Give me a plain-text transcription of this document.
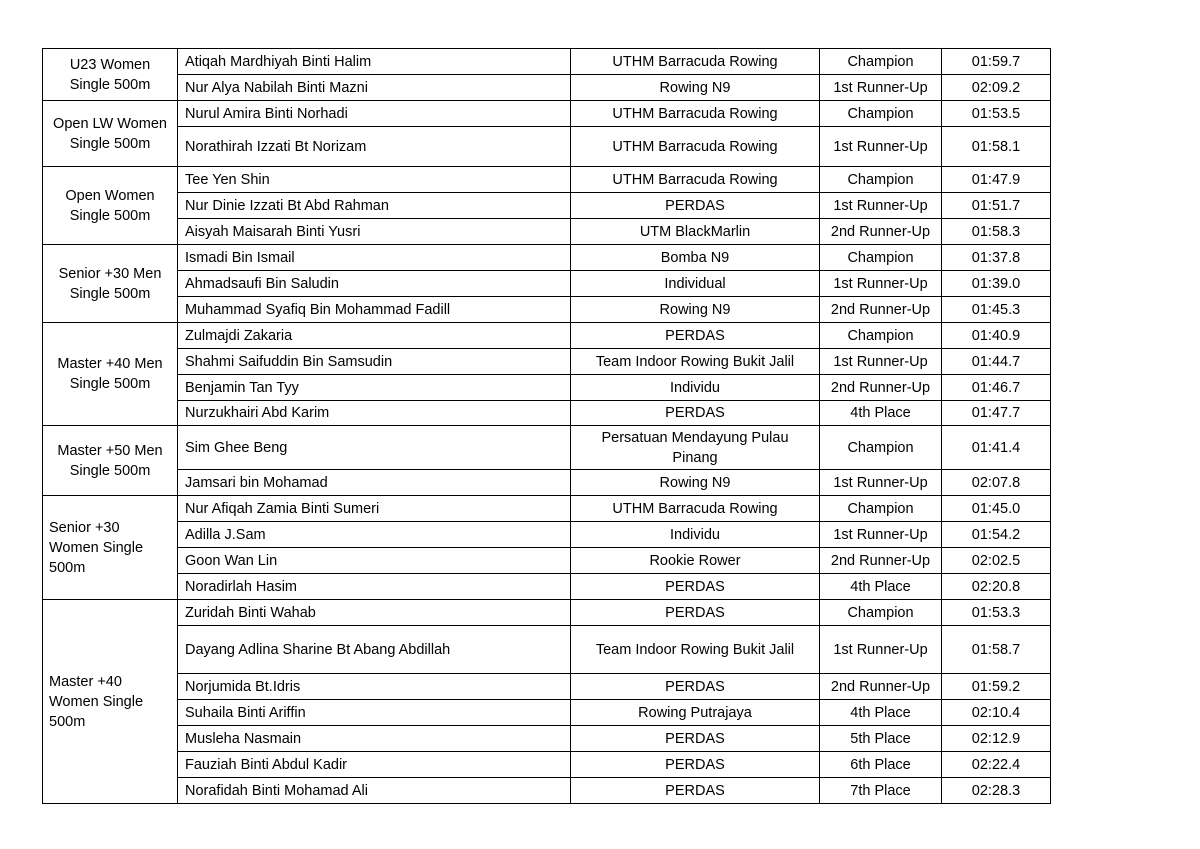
U23 Women Single 500m	Atiqah Mardhiyah Binti Halim	UTHM Barracuda Rowing	Champion	01:59.7
	Nur Alya Nabilah Binti Mazni	Rowing N9	1st Runner-Up	02:09.2
Open LW Women Single 500m	Nurul Amira Binti Norhadi	UTHM Barracuda Rowing	Champion	01:53.5
	Norathirah Izzati Bt Norizam	UTHM Barracuda Rowing	1st Runner-Up	01:58.1
Open Women Single 500m	Tee Yen Shin	UTHM Barracuda Rowing	Champion	01:47.9
	Nur Dinie Izzati Bt Abd Rahman	PERDAS	1st Runner-Up	01:51.7
	Aisyah Maisarah Binti Yusri	UTM BlackMarlin	2nd Runner-Up	01:58.3
Senior +30 Men Single 500m	Ismadi Bin Ismail	Bomba N9	Champion	01:37.8
	Ahmadsaufi Bin Saludin	Individual	1st Runner-Up	01:39.0
	Muhammad Syafiq Bin Mohammad Fadill	Rowing N9	2nd Runner-Up	01:45.3
Master +40 Men Single 500m	Zulmajdi Zakaria	PERDAS	Champion	01:40.9
	Shahmi Saifuddin Bin Samsudin	Team Indoor Rowing Bukit Jalil	1st Runner-Up	01:44.7
	Benjamin Tan Tyy	Individu	2nd Runner-Up	01:46.7
	Nurzukhairi Abd Karim	PERDAS	4th Place	01:47.7
Master +50 Men Single 500m	Sim Ghee Beng	Persatuan Mendayung Pulau Pinang	Champion	01:41.4
	Jamsari bin Mohamad	Rowing N9	1st Runner-Up	02:07.8
Senior +30 Women Single 500m	Nur Afiqah Zamia Binti Sumeri	UTHM Barracuda Rowing	Champion	01:45.0
	Adilla J.Sam	Individu	1st Runner-Up	01:54.2
	Goon Wan Lin	Rookie Rower	2nd Runner-Up	02:02.5
	Noradirlah Hasim	PERDAS	4th Place	02:20.8
Master +40 Women Single 500m	Zuridah Binti Wahab	PERDAS	Champion	01:53.3
	Dayang Adlina Sharine Bt Abang Abdillah	Team Indoor Rowing Bukit Jalil	1st Runner-Up	01:58.7
	Norjumida Bt.Idris	PERDAS	2nd Runner-Up	01:59.2
	Suhaila Binti Ariffin	Rowing Putrajaya	4th Place	02:10.4
	Musleha Nasmain	PERDAS	5th Place	02:12.9
	Fauziah Binti Abdul Kadir	PERDAS	6th Place	02:22.4
	Norafidah Binti Mohamad Ali	PERDAS	7th Place	02:28.3
